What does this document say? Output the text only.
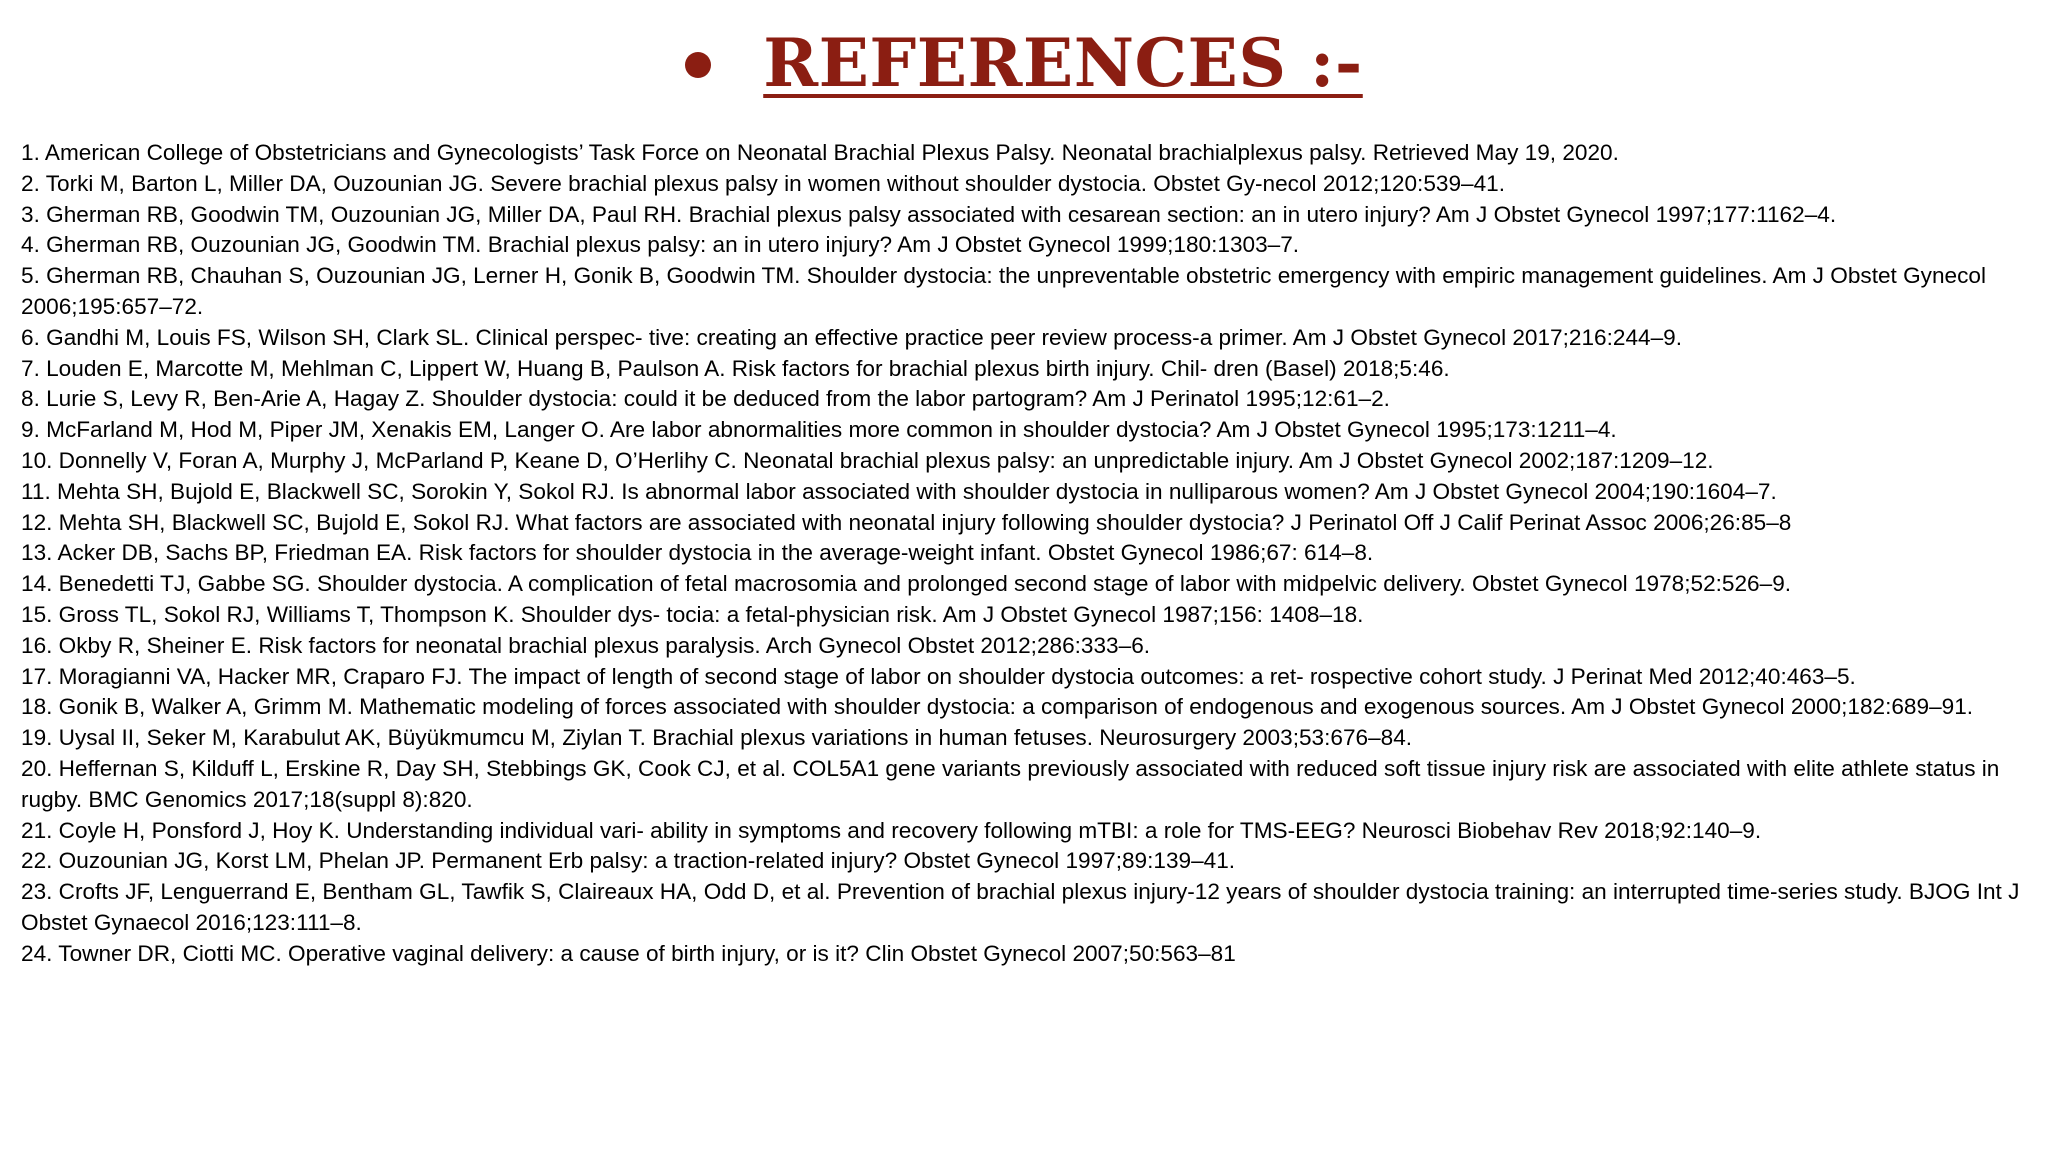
REFERENCES :-
1. American College of Obstetricians and Gynecologists’ Task Force on Neonatal Brachial Plexus Palsy. Neonatal brachialplexus palsy. Retrieved May 19, 2020.
2. Torki M, Barton L, Miller DA, Ouzounian JG. Severe brachial plexus palsy in women without shoulder dystocia. Obstet Gy-necol 2012;120:539–41.
3. Gherman RB, Goodwin TM, Ouzounian JG, Miller DA, Paul RH. Brachial plexus palsy associated with cesarean section: an in utero injury? Am J Obstet Gynecol 1997;177:1162–4.
4. Gherman RB, Ouzounian JG, Goodwin TM. Brachial plexus palsy: an in utero injury? Am J Obstet Gynecol 1999;180:1303–7.
5. Gherman RB, Chauhan S, Ouzounian JG, Lerner H, Gonik B, Goodwin TM. Shoulder dystocia: the unpreventable obstetric emergency with empiric management guidelines. Am J Obstet Gynecol 2006;195:657–72.
6. Gandhi M, Louis FS, Wilson SH, Clark SL. Clinical perspec- tive: creating an effective practice peer review process-a primer. Am J Obstet Gynecol 2017;216:244–9.
7. Louden E, Marcotte M, Mehlman C, Lippert W, Huang B, Paulson A. Risk factors for brachial plexus birth injury. Chil- dren (Basel) 2018;5:46.
8. Lurie S, Levy R, Ben-Arie A, Hagay Z. Shoulder dystocia: could it be deduced from the labor partogram? Am J Perinatol 1995;12:61–2.
9. McFarland M, Hod M, Piper JM, Xenakis EM, Langer O. Are labor abnormalities more common in shoulder dystocia? Am J Obstet Gynecol 1995;173:1211–4.
10. Donnelly V, Foran A, Murphy J, McParland P, Keane D, O’Herlihy C. Neonatal brachial plexus palsy: an unpredictable injury. Am J Obstet Gynecol 2002;187:1209–12.
11. Mehta SH, Bujold E, Blackwell SC, Sorokin Y, Sokol RJ. Is abnormal labor associated with shoulder dystocia in nulliparous women? Am J Obstet Gynecol 2004;190:1604–7.
12. Mehta SH, Blackwell SC, Bujold E, Sokol RJ. What factors are associated with neonatal injury following shoulder dystocia? J Perinatol Off J Calif Perinat Assoc 2006;26:85–8
13. Acker DB, Sachs BP, Friedman EA. Risk factors for shoulder dystocia in the average-weight infant. Obstet Gynecol 1986;67: 614–8.
14. Benedetti TJ, Gabbe SG. Shoulder dystocia. A complication of fetal macrosomia and prolonged second stage of labor with midpelvic delivery. Obstet Gynecol 1978;52:526–9.
15. Gross TL, Sokol RJ, Williams T, Thompson K. Shoulder dys- tocia: a fetal-physician risk. Am J Obstet Gynecol 1987;156: 1408–18.
16. Okby R, Sheiner E. Risk factors for neonatal brachial plexus paralysis. Arch Gynecol Obstet 2012;286:333–6.
17. Moragianni VA, Hacker MR, Craparo FJ. The impact of length of second stage of labor on shoulder dystocia outcomes: a ret- rospective cohort study. J Perinat Med 2012;40:463–5.
18. Gonik B, Walker A, Grimm M. Mathematic modeling of forces associated with shoulder dystocia: a comparison of endogenous and exogenous sources. Am J Obstet Gynecol 2000;182:689–91.
19. Uysal II, Seker M, Karabulut AK, Büyükmumcu M, Ziylan T. Brachial plexus variations in human fetuses. Neurosurgery 2003;53:676–84.
20. Heffernan S, Kilduff L, Erskine R, Day SH, Stebbings GK, Cook CJ, et al. COL5A1 gene variants previously associated with reduced soft tissue injury risk are associated with elite athlete status in rugby. BMC Genomics 2017;18(suppl 8):820.
21. Coyle H, Ponsford J, Hoy K. Understanding individual vari- ability in symptoms and recovery following mTBI: a role for TMS-EEG? Neurosci Biobehav Rev 2018;92:140–9.
22. Ouzounian JG, Korst LM, Phelan JP. Permanent Erb palsy: a traction-related injury? Obstet Gynecol 1997;89:139–41.
23. Crofts JF, Lenguerrand E, Bentham GL, Tawfik S, Claireaux HA, Odd D, et al. Prevention of brachial plexus injury-12 years of shoulder dystocia training: an interrupted time-series study. BJOG Int J Obstet Gynaecol 2016;123:111–8.
24. Towner DR, Ciotti MC. Operative vaginal delivery: a cause of birth injury, or is it? Clin Obstet Gynecol 2007;50:563–81
